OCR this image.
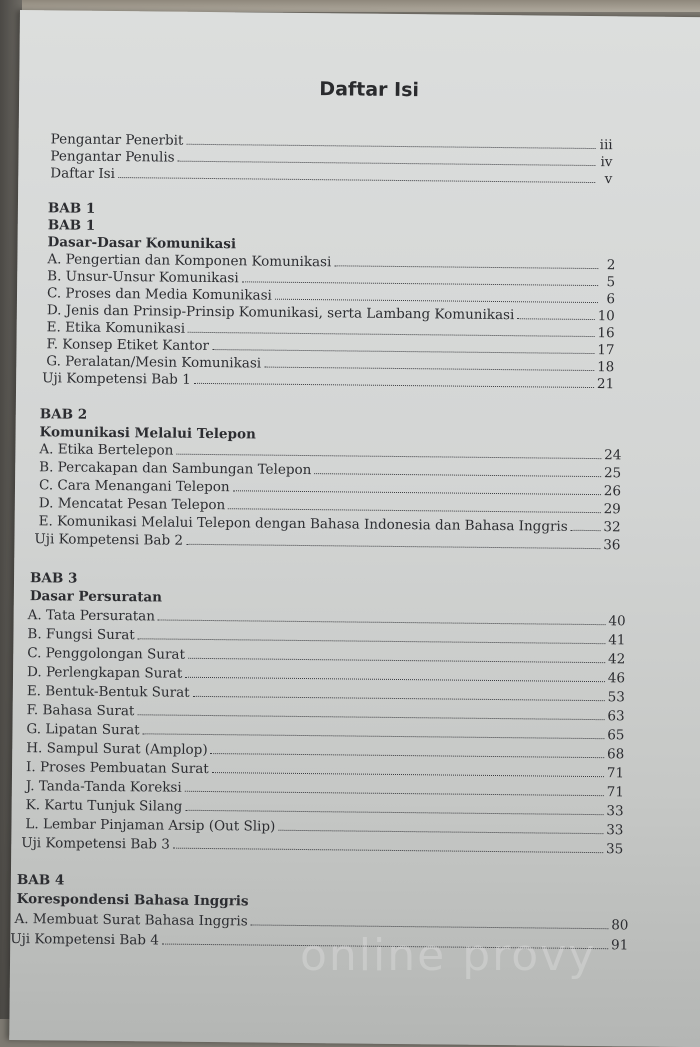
Daftar Isi
Pengantar Penerbit	iii
Pengantar Penulis	iv
Daftar Isi	v
BAB 1
BAB 1
Dasar-Dasar Komunikasi
A. Pengertian dan Komponen Komunikasi	2
B. Unsur-Unsur Komunikasi	5
C. Proses dan Media Komunikasi	6
D. Jenis dan Prinsip-Prinsip Komunikasi, serta Lambang Komunikasi	10
E. Etika Komunikasi	16
F. Konsep Etiket Kantor	17
G. Peralatan/Mesin Komunikasi	18
Uji Kompetensi Bab 1	21
BAB 2
Komunikasi Melalui Telepon
A. Etika Bertelepon	24
B. Percakapan dan Sambungan Telepon	25
C. Cara Menangani Telepon	26
D. Mencatat Pesan Telepon	29
E. Komunikasi Melalui Telepon dengan Bahasa Indonesia dan Bahasa Inggris	32
Uji Kompetensi Bab 2	36
BAB 3
Dasar Persuratan
A. Tata Persuratan	40
B. Fungsi Surat	41
C. Penggolongan Surat	42
D. Perlengkapan Surat	46
E. Bentuk-Bentuk Surat	53
F. Bahasa Surat	63
G. Lipatan Surat	65
H. Sampul Surat (Amplop)	68
I. Proses Pembuatan Surat	71
J. Tanda-Tanda Koreksi	71
K. Kartu Tunjuk Silang	33
L. Lembar Pinjaman Arsip (Out Slip)	33
Uji Kompetensi Bab 3	35
BAB 4
Korespondensi Bahasa Inggris
A. Membuat Surat Bahasa Inggris	80
Uji Kompetensi Bab 4	91
online provy
